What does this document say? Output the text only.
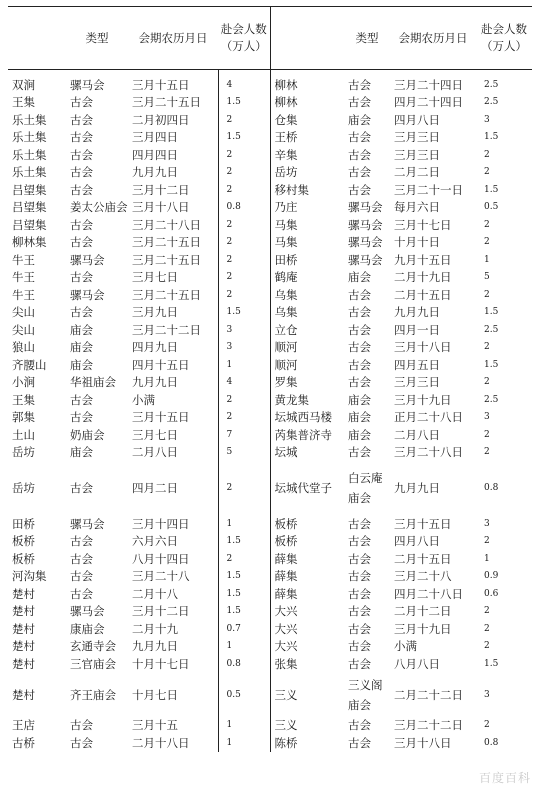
	类型	会期农历月日	赴会人数（万人）		类型	会期农历月日	赴会人数（万人）
双涧	骡马会	三月十五日	4	柳林	古会	三月二十四日	2.5
王集	古会	三月二十五日	1.5	柳林	古会	四月二十四日	2.5
乐土集	古会	二月初四日	2	仓集	庙会	四月八日	3
乐土集	古会	三月四日	1.5	王桥	古会	三月三日	1.5
乐土集	古会	四月四日	2	辛集	古会	三月三日	2
乐土集	古会	九月九日	2	岳坊	古会	二月二日	2
吕望集	古会	三月十二日	2	移村集	古会	三月二十一日	1.5
吕望集	姜太公庙会	三月十八日	0.8	乃庄	骡马会	每月六日	0.5
吕望集	古会	三月二十八日	2	马集	骡马会	三月十七日	2
柳林集	古会	三月二十五日	2	马集	骡马会	十月十日	2
牛王	骡马会	三月二十五日	2	田桥	骡马会	九月十五日	1
牛王	古会	三月七日	2	鹤庵	庙会	二月十九日	5
牛王	骡马会	三月二十五日	2	乌集	古会	二月十五日	2
尖山	古会	三月九日	1.5	乌集	古会	九月九日	1.5
尖山	庙会	三月二十二日	3	立仓	古会	四月一日	2.5
狼山	庙会	四月九日	3	顺河	古会	三月十八日	2
齐腰山	庙会	四月十五日	1	顺河	古会	四月五日	1.5
小涧	华祖庙会	九月九日	4	罗集	古会	三月三日	2
王集	古会	小满	2	黄龙集	庙会	三月十九日	2.5
郭集	古会	三月十五日	2	坛城西马楼	庙会	正月二十八日	3
土山	奶庙会	三月七日	7	芮集普济寺	庙会	二月八日	2
岳坊	庙会	二月八日	5	坛城	古会	三月二十八日	2
岳坊	古会	四月二日	2	坛城代堂子	白云庵庙会	九月九日	0.8
田桥	骡马会	三月十四日	1	板桥	古会	三月十五日	3
板桥	古会	六月六日	1.5	板桥	古会	四月八日	2
板桥	古会	八月十四日	2	薛集	古会	二月十五日	1
河沟集	古会	三月二十八	1.5	薛集	古会	三月二十八	0.9
楚村	古会	二月十八	1.5	薛集	古会	四月二十八日	0.6
楚村	骡马会	三月十二日	1.5	大兴	古会	二月十二日	2
楚村	康庙会	二月十九	0.7	大兴	古会	三月十九日	2
楚村	玄通寺会	九月九日	1	大兴	古会	小满	2
楚村	三官庙会	十月十七日	0.8	张集	古会	八月八日	1.5
楚村	齐王庙会	十月七日	0.5	三义	三义阁庙会	二月二十二日	3
王店	古会	三月十五	1	三义	古会	三月二十二日	2
古桥	古会	二月十八日	1	陈桥	古会	三月十八日	0.8
百度百科
